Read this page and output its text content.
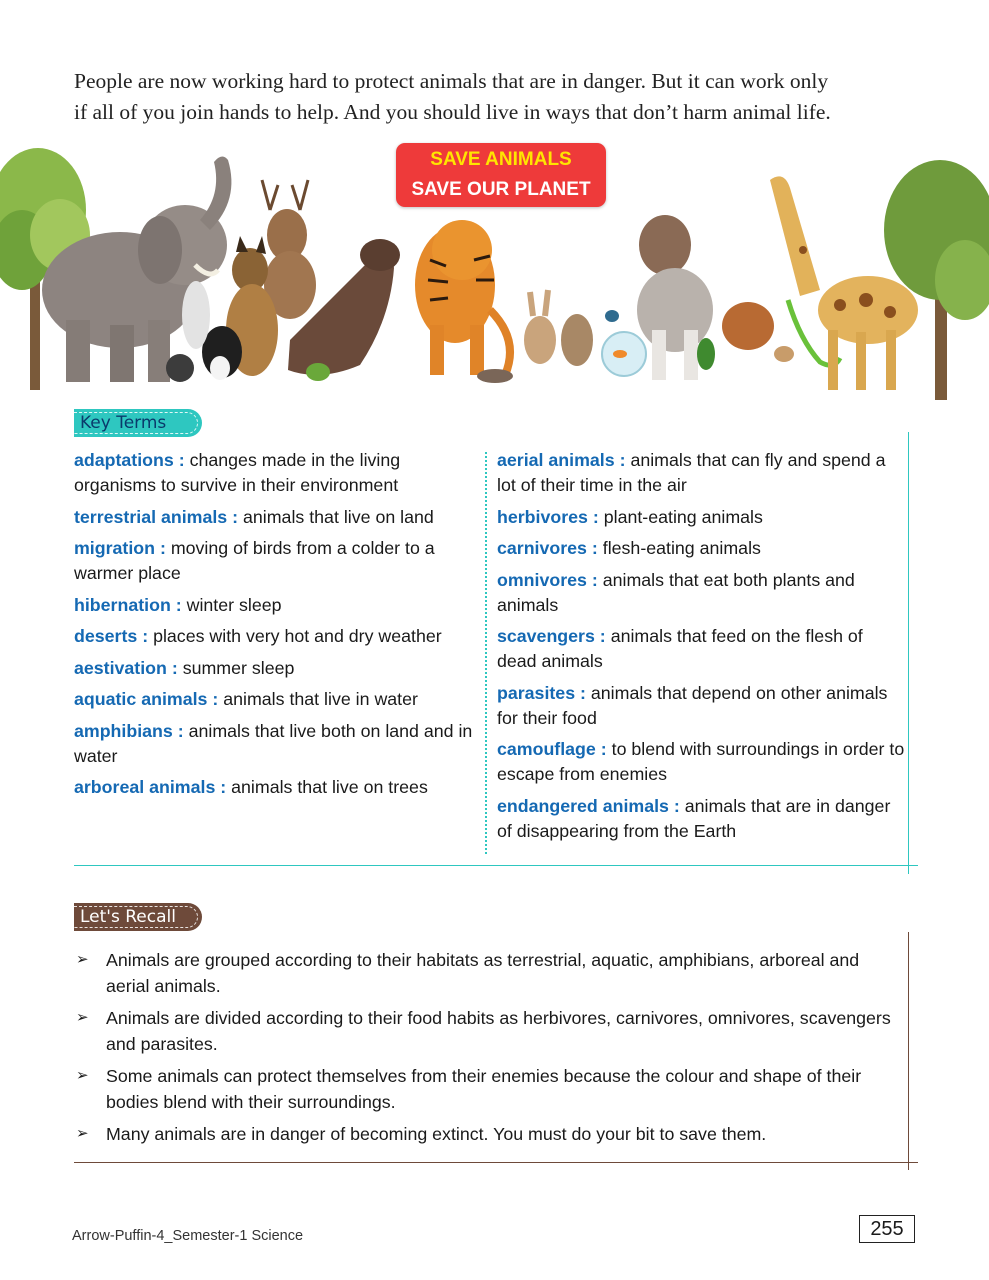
People are now working hard to protect animals that are in danger. But it can work only
if all of you join hands to help. And you should live in ways that don’t harm animal life.
SAVE ANIMALS
SAVE OUR PLANET
Key Terms
adaptations : changes made in the living organisms to survive in their environment
terrestrial animals : animals that live on land
migration : moving of birds from a colder to a warmer place
hibernation : winter sleep
deserts : places with very hot and dry weather
aestivation : summer sleep
aquatic animals : animals that live in water
amphibians : animals that live both on land and in water
arboreal animals : animals that live on trees
aerial animals : animals that can fly and spend a lot of their time in the air
herbivores : plant-eating animals
carnivores : flesh-eating animals
omnivores : animals that eat both plants and animals
scavengers : animals that feed on the flesh of dead animals
parasites : animals that depend on other animals for their food
camouflage : to blend with surroundings in order to escape from enemies
endangered animals : animals that are in danger of disappearing from the Earth
Let's Recall
➢ Animals are grouped according to their habitats as terrestrial, aquatic, amphibians, arboreal and aerial animals.
➢ Animals are divided according to their food habits as herbivores, carnivores, omnivores, scavengers and parasites.
➢ Some animals can protect themselves from their enemies because the colour and shape of their bodies blend with their surroundings.
➢ Many animals are in danger of becoming extinct. You must do your bit to save them.
Arrow-Puffin-4_Semester-1 Science	255
